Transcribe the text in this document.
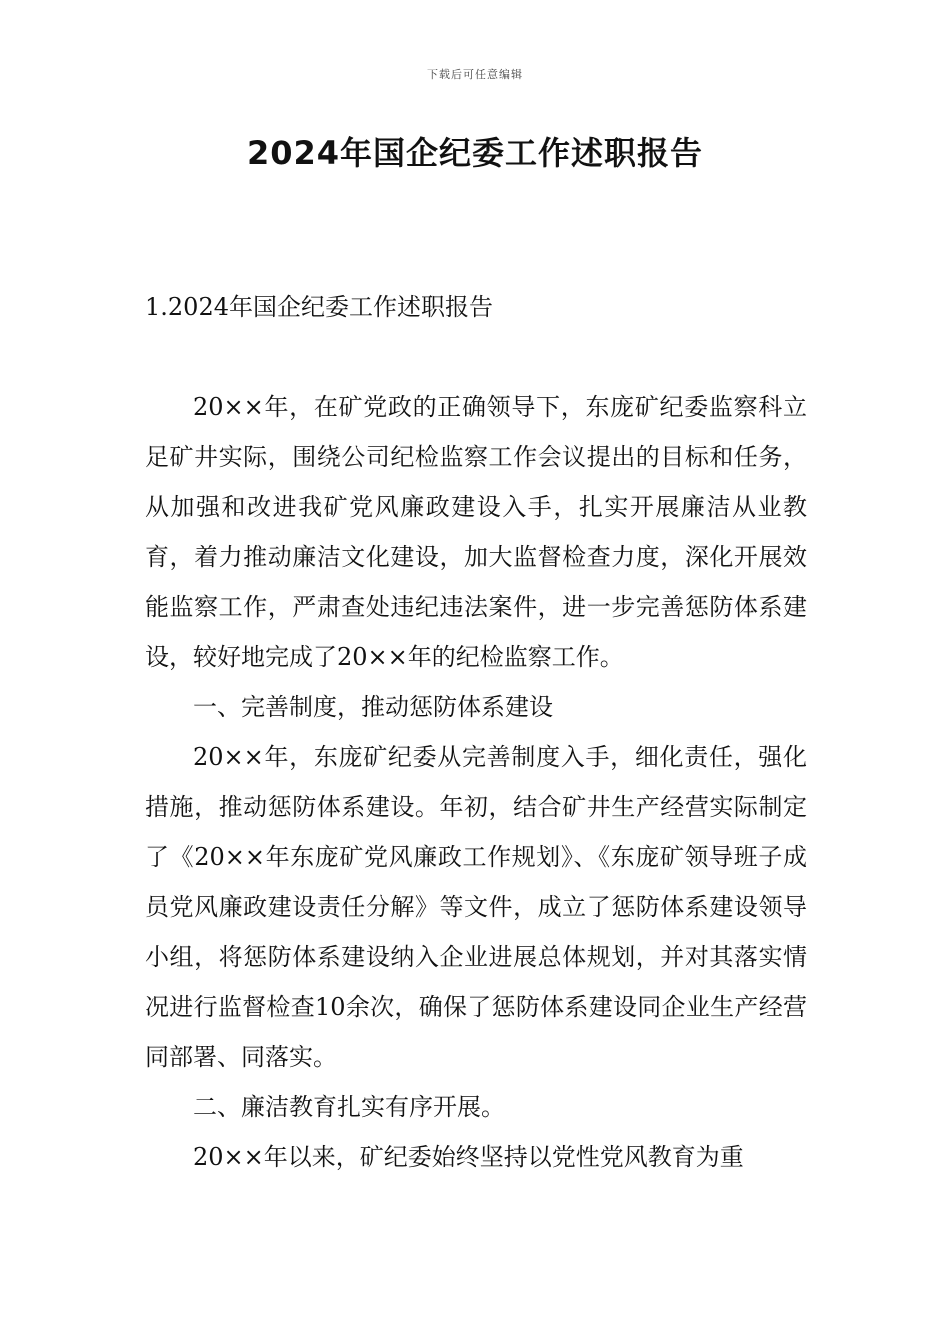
下载后可任意编辑
2024年国企纪委工作述职报告

1.2024年国企纪委工作述职报告

20××年，在矿党政的正确领导下，东庞矿纪委监察科立足矿井实际，围绕公司纪检监察工作会议提出的目标和任务，从加强和改进我矿党风廉政建设入手，扎实开展廉洁从业教育，着力推动廉洁文化建设，加大监督检查力度，深化开展效能监察工作，严肃查处违纪违法案件，进一步完善惩防体系建设，较好地完成了20××年的纪检监察工作。

一、完善制度，推动惩防体系建设

20××年，东庞矿纪委从完善制度入手，细化责任，强化措施，推动惩防体系建设。年初，结合矿井生产经营实际制定了《20××年东庞矿党风廉政工作规划》、《东庞矿领导班子成员党风廉政建设责任分解》等文件，成立了惩防体系建设领导小组，将惩防体系建设纳入企业进展总体规划，并对其落实情况进行监督检查10余次，确保了惩防体系建设同企业生产经营同部署、同落实。

二、廉洁教育扎实有序开展。

20××年以来，矿纪委始终坚持以党性党风教育为重
